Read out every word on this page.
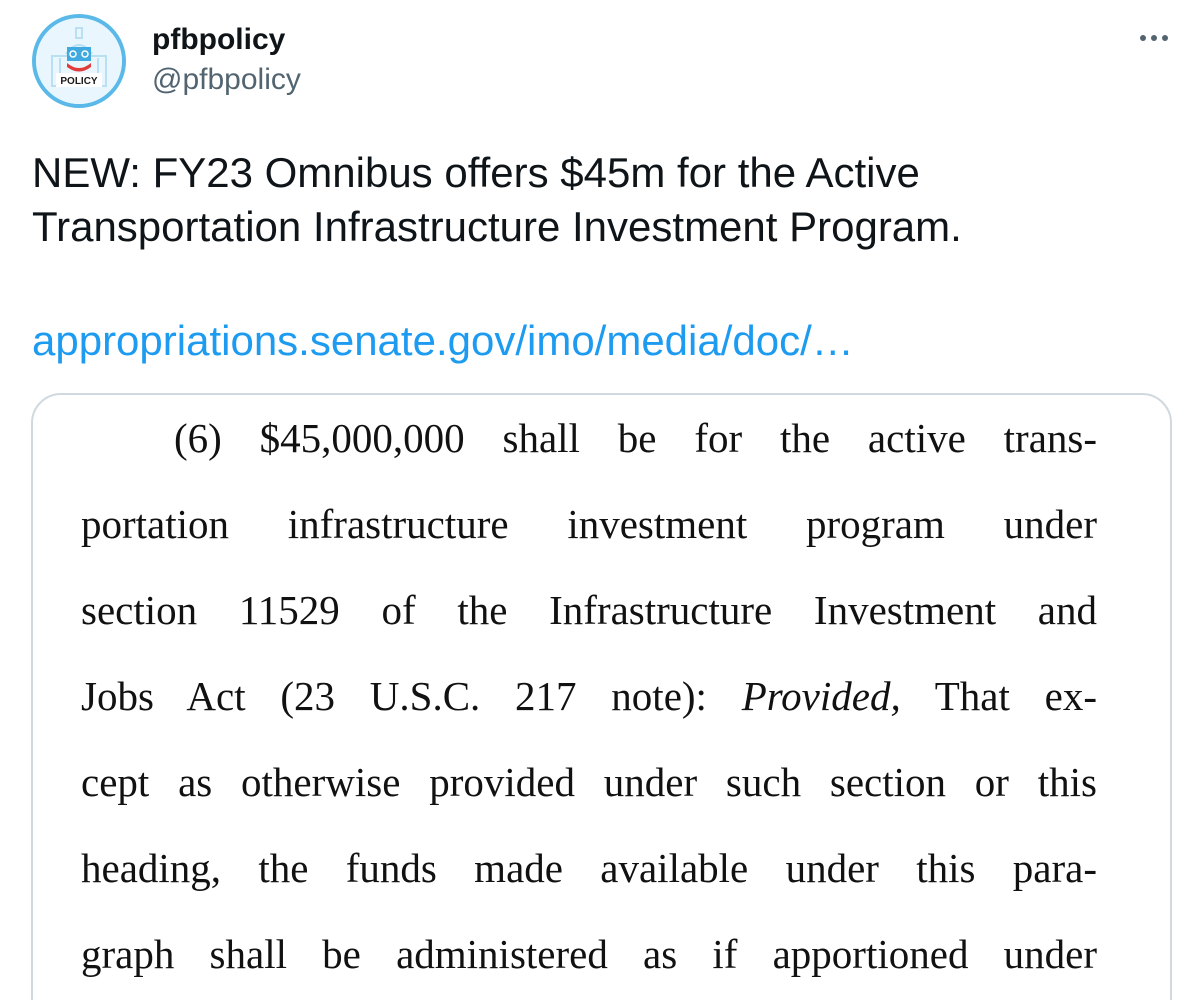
POLICY
pfbpolicy
@pfbpolicy

NEW: FY23 Omnibus offers $45m for the Active
Transportation Infrastructure Investment Program.

appropriations.senate.gov/imo/media/doc/…
(6) $45,000,000 shall be for the active trans-
portation infrastructure investment program under
section 11529 of the Infrastructure Investment and
Jobs Act (23 U.S.C. 217 note): Provided, That ex-
cept as otherwise provided under such section or this
heading, the funds made available under this para-
graph shall be administered as if apportioned under
